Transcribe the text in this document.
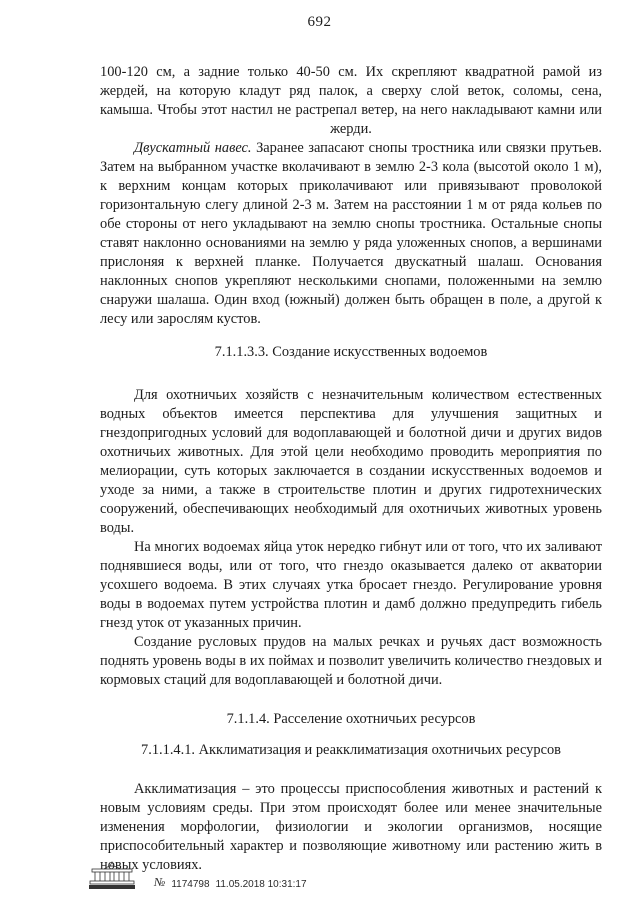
692

100-120 см, а задние только 40-50 см. Их скрепляют квадратной рамой из жердей, на которую кладут ряд палок, а сверху слой веток, соломы, сена, камыша. Чтобы этот настил не растрепал ветер, на него накладывают камни или жерди.

Двускатный навес. Заранее запасают снопы тростника или связки прутьев. Затем на выбранном участке вколачивают в землю 2-3 кола (высотой около 1 м), к верхним концам которых приколачивают или привязывают проволокой горизонтальную слегу длиной 2-3 м. Затем на расстоянии 1 м от ряда кольев по обе стороны от него укладывают на землю снопы тростника. Остальные снопы ставят наклонно основаниями на землю у ряда уложенных снопов, а вершинами прислоняя к верхней планке. Получается двускатный шалаш. Основания наклонных снопов укрепляют несколькими снопами, положенными на землю снаружи шалаша. Один вход (южный) должен быть обращен в поле, а другой к лесу или зарослям кустов.

7.1.1.3.3. Создание искусственных водоемов

Для охотничьих хозяйств с незначительным количеством естественных водных объектов имеется перспектива для улучшения защитных и гнездопригодных условий для водоплавающей и болотной дичи и других видов охотничьих животных. Для этой цели необходимо проводить мероприятия по мелиорации, суть которых заключается в создании искусственных водоемов и уходе за ними, а также в строительстве плотин и других гидротехнических сооружений, обеспечивающих необходимый для охотничьих животных уровень воды.

На многих водоемах яйца уток нередко гибнут или от того, что их заливают поднявшиеся воды, или от того, что гнездо оказывается далеко от акватории усохшего водоема. В этих случаях утка бросает гнездо. Регулирование уровня воды в водоемах путем устройства плотин и дамб должно предупредить гибель гнезд уток от указанных причин.

Создание русловых прудов на малых речках и ручьях даст возможность поднять уровень воды в их поймах и позволит увеличить количество гнездовых и кормовых стаций для водоплавающей и болотной дичи.

7.1.1.4. Расселение охотничьих ресурсов

7.1.1.4.1. Акклиматизация и реакклиматизация охотничьих ресурсов

Акклиматизация – это процессы приспособления животных и растений к новым условиям среды. При этом происходят более или менее значительные изменения морфологии, физиологии и экологии организмов, носящие приспособительный характер и позволяющие животному или растению жить в новых условиях.

№ 1174798 11.05.2018 10:31:17
